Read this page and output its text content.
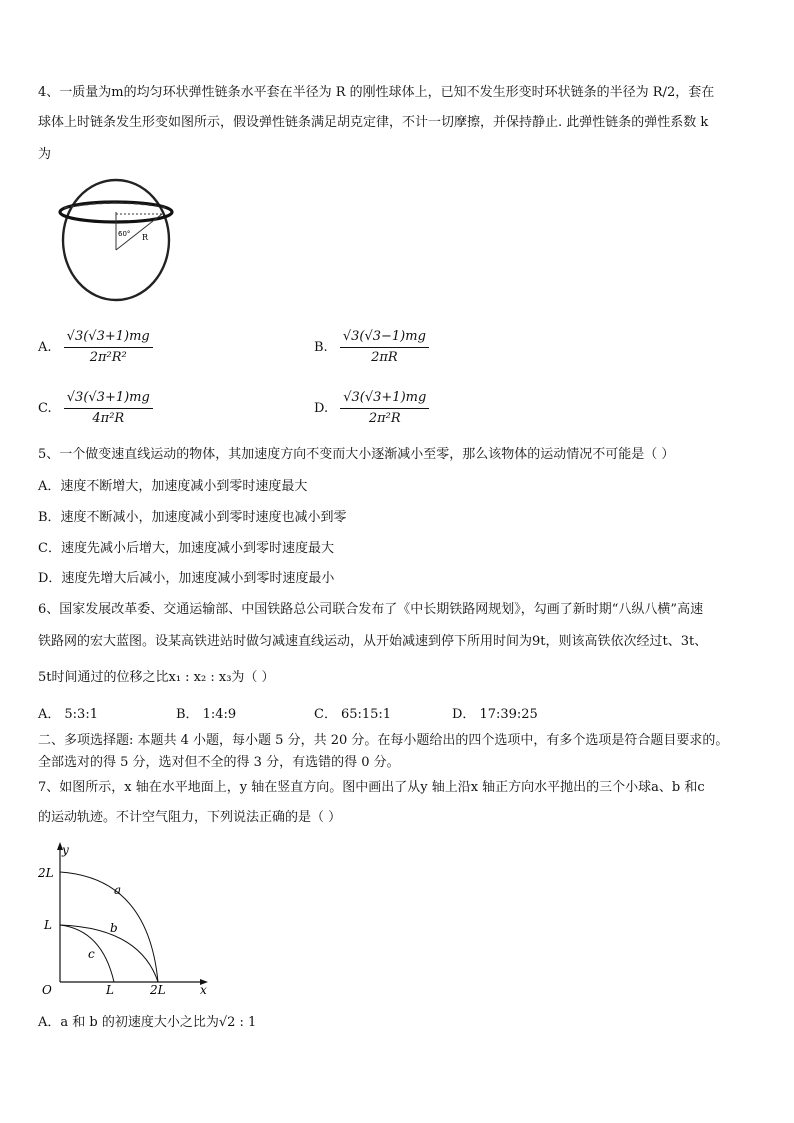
4、一质量为m的均匀环状弹性链条水平套在半径为 R 的刚性球体上，已知不发生形变时环状链条的半径为 R/2，套在
球体上时链条发生形变如图所示，假设弹性链条满足胡克定律，不计一切摩擦，并保持静止. 此弹性链条的弹性系数 k
为
60° R
A. $\frac{√3(√3+1)mg}{\text{2π²R²}}$	B. $\frac{√3(√3-1)mg}{2\pi R}$
C. $\frac{√3(√3+1)mg}{\text{4π²R}}$	D. $\frac{√3(√3+1)mg}{\text{2π²R}}$
5、一个做变速直线运动的物体，其加速度方向不变而大小逐渐减小至零，那么该物体的运动情况不可能是（ ）
A．速度不断增大，加速度减小到零时速度最大
B．速度不断减小，加速度减小到零时速度也减小到零
C．速度先减小后增大，加速度减小到零时速度最大
D．速度先增大后减小，加速度减小到零时速度最小
6、国家发展改革委、交通运输部、中国铁路总公司联合发布了《中长期铁路网规划》，勾画了新时期“八纵八横”高速
铁路网的宏大蓝图。设某高铁进站时做匀减速直线运动，从开始减速到停下所用时间为9t，则该高铁依次经过t、3t、
5t时间通过的位移之比x₁ : x₂ : x₃为（ ）
A． 5:3:1	B． 1:4:9	C． 65:15:1	D． 17:39:25
二、多项选择题: 本题共 4 小题，每小题 5 分，共 20 分。在每小题给出的四个选项中，有多个选项是符合题目要求的。
全部选对的得 5 分，选对但不全的得 3 分，有选错的得 0 分。
7、如图所示，x 轴在水平地面上，y 轴在竖直方向。图中画出了从y 轴上沿x 轴正方向水平抛出的三个小球a、b 和c
的运动轨迹。不计空气阻力，下列说法正确的是（ ）
y
x
O
2L
L
L	2L
a
b
c
A．a 和 b 的初速度大小之比为√2 : 1
